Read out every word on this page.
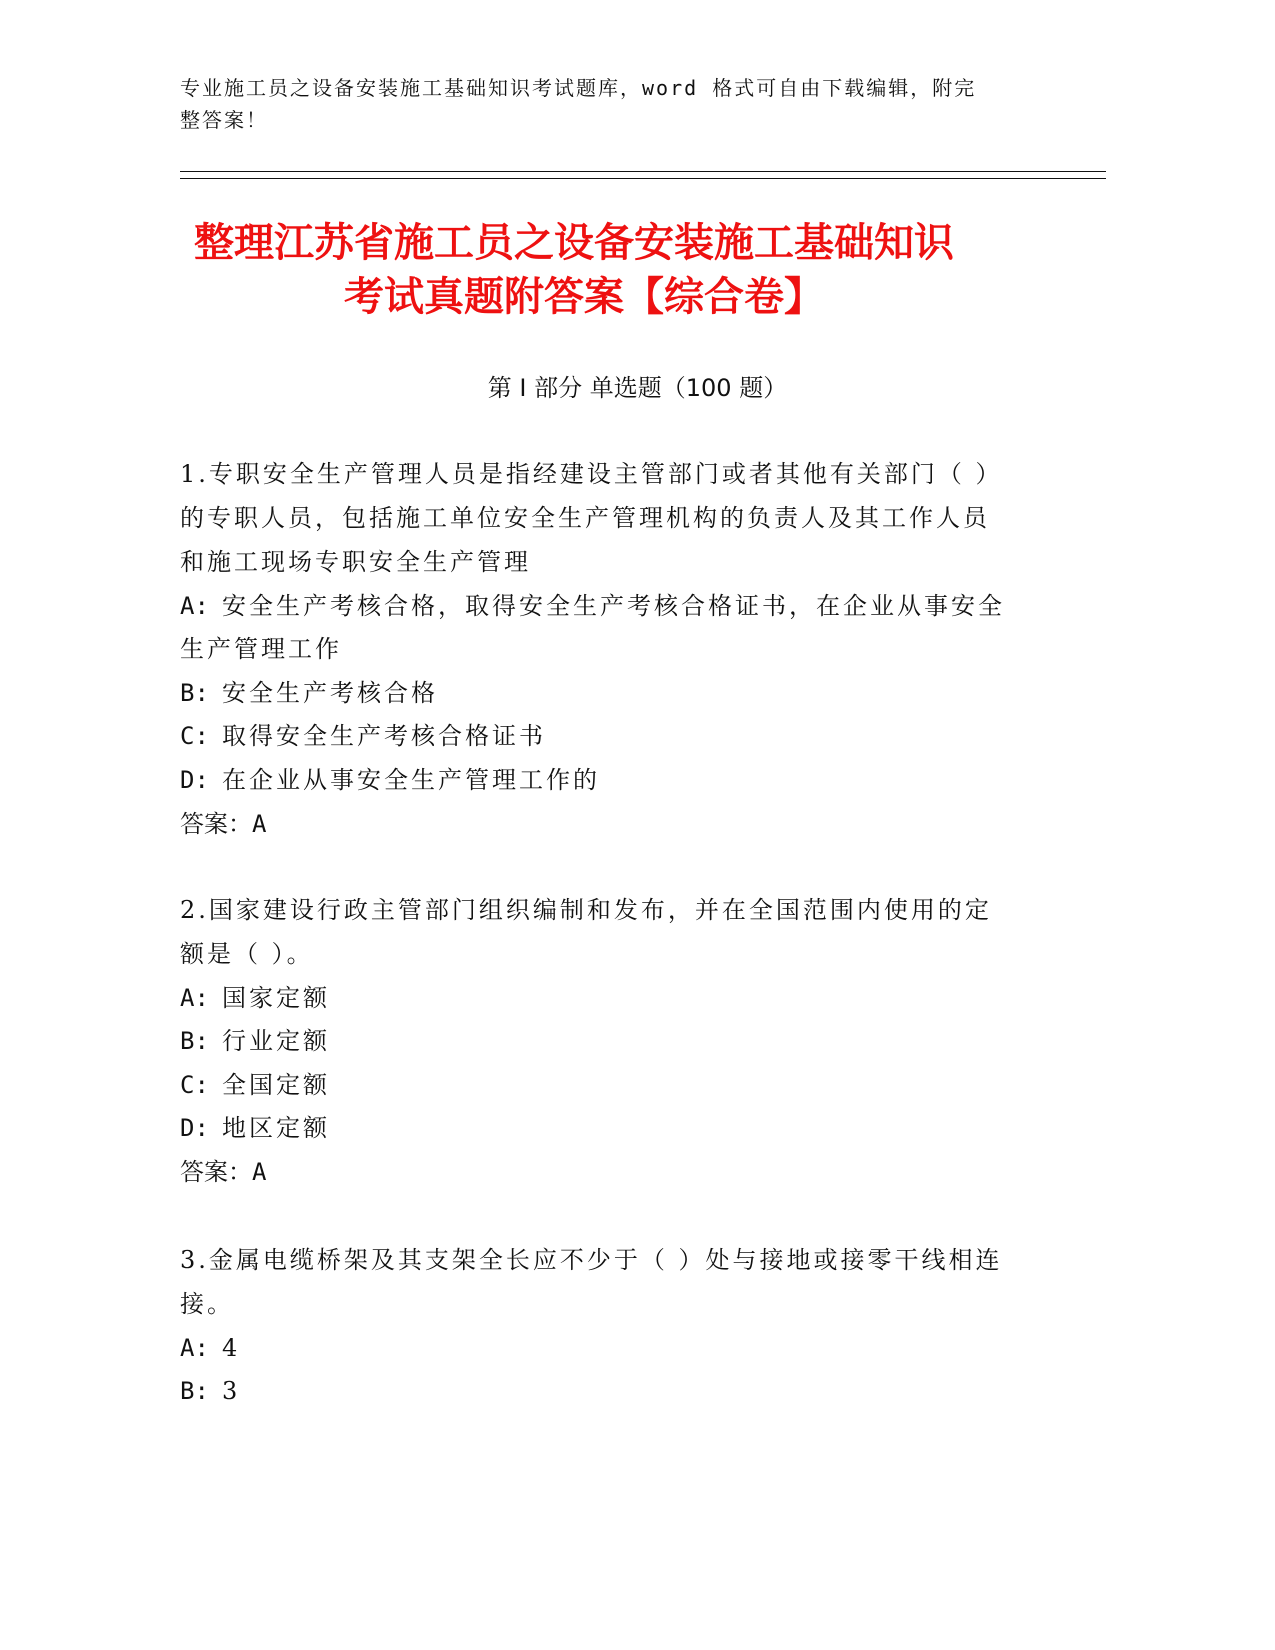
专业施工员之设备安装施工基础知识考试题库，word 格式可自由下载编辑，附完
整答案！
整理江苏省施工员之设备安装施工基础知识
考试真题附答案【综合卷】
第 I 部分 单选题（100 题）
1.专职安全生产管理人员是指经建设主管部门或者其他有关部门（ ）
的专职人员，包括施工单位安全生产管理机构的负责人及其工作人员
和施工现场专职安全生产管理
A: 安全生产考核合格，取得安全生产考核合格证书，在企业从事安全
生产管理工作
B: 安全生产考核合格
C: 取得安全生产考核合格证书
D: 在企业从事安全生产管理工作的
答案：A
2.国家建设行政主管部门组织编制和发布，并在全国范围内使用的定
额是（ ）。
A: 国家定额
B: 行业定额
C: 全国定额
D: 地区定额
答案：A
3.金属电缆桥架及其支架全长应不少于（ ）处与接地或接零干线相连
接。
A: 4
B: 3
